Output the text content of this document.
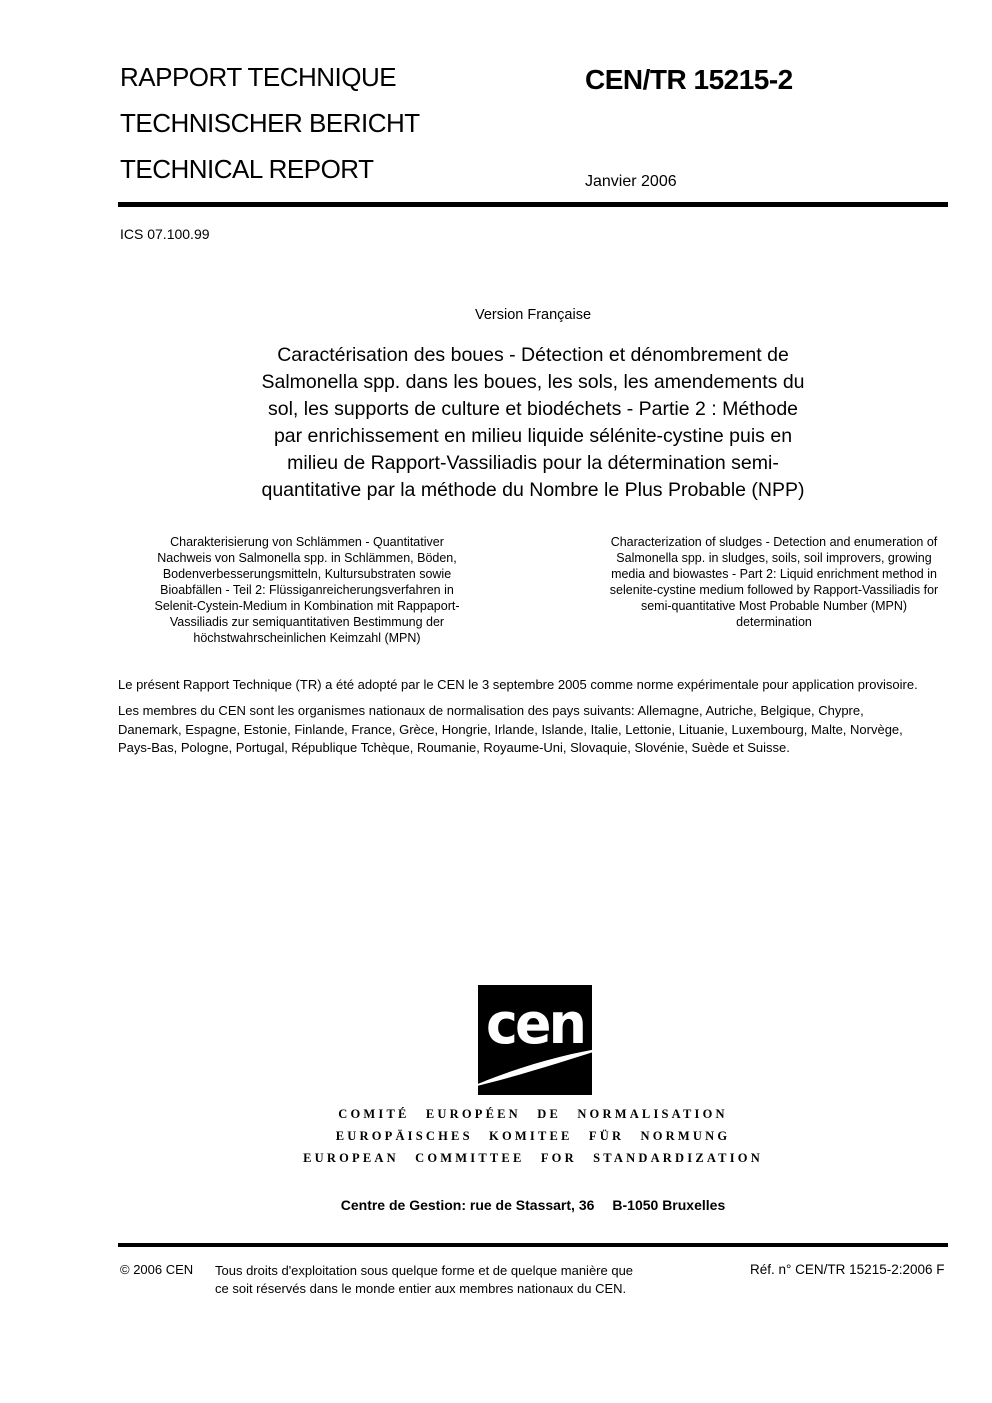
RAPPORT TECHNIQUE

TECHNISCHER BERICHT

TECHNICAL REPORT

CEN/TR 15215-2
Janvier 2006
ICS 07.100.99
Version Française

Caractérisation des boues - Détection et dénombrement de

Salmonella spp. dans les boues, les sols, les amendements du

sol, les supports de culture et biodéchets - Partie 2 : Méthode

par enrichissement en milieu liquide sélénite-cystine puis en

milieu de Rapport-Vassiliadis pour la détermination semi-

quantitative par la méthode du Nombre le Plus Probable (NPP)

Charakterisierung von Schlämmen - Quantitativer

Nachweis von Salmonella spp. in Schlämmen, Böden,

Bodenverbesserungsmitteln, Kultursubstraten sowie

Bioabfällen - Teil 2: Flüssiganreicherungsverfahren in

Selenit-Cystein-Medium in Kombination mit Rappaport-

Vassiliadis zur semiquantitativen Bestimmung der

höchstwahrscheinlichen Keimzahl (MPN)

Characterization of sludges - Detection and enumeration of

Salmonella spp. in sludges, soils, soil improvers, growing

media and biowastes - Part 2: Liquid enrichment method in

selenite-cystine medium followed by Rapport-Vassiliadis for

semi-quantitative Most Probable Number (MPN)

determination

Le présent Rapport Technique (TR) a été adopté par le CEN le 3 septembre 2005 comme norme expérimentale pour application provisoire.

Les membres du CEN sont les organismes nationaux de normalisation des pays suivants: Allemagne, Autriche, Belgique, Chypre,

Danemark, Espagne, Estonie, Finlande, France, Grèce, Hongrie, Irlande, Islande, Italie, Lettonie, Lituanie, Luxembourg, Malte, Norvège,

Pays-Bas, Pologne, Portugal, République Tchèque, Roumanie, Royaume-Uni, Slovaquie, Slovénie, Suède et Suisse.

cen

COMITÉ EUROPÉEN DE NORMALISATION

EUROPÄISCHES KOMITEE FÜR NORMUNG

EUROPEAN COMMITTEE FOR STANDARDIZATION

Centre de Gestion: rue de Stassart, 36 B-1050 Bruxelles
© 2006 CEN Tous droits d'exploitation sous quelque forme et de quelque manière que

ce soit réservés dans le monde entier aux membres nationaux du CEN.

Réf. n° CEN/TR 15215-2:2006 F
